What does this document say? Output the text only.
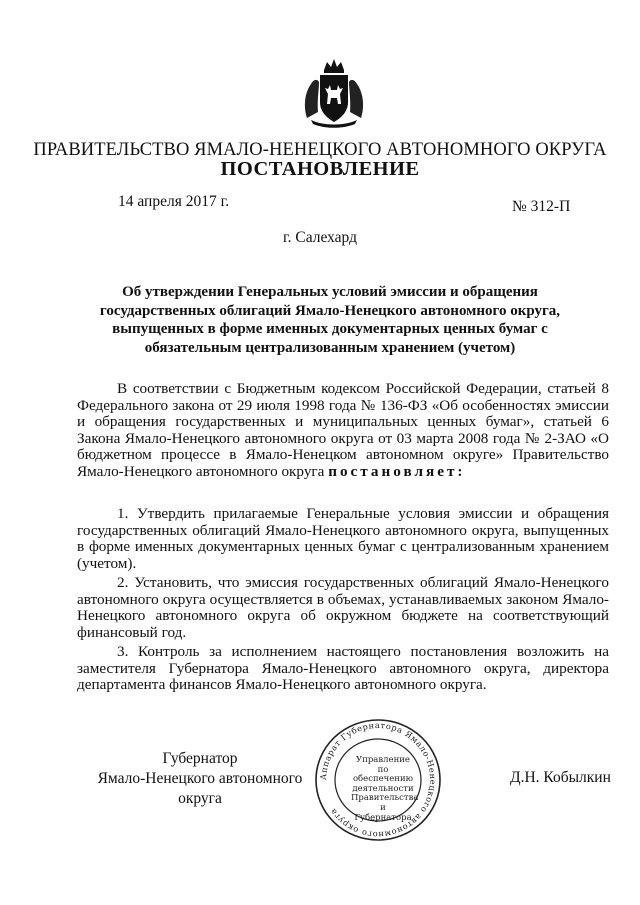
ПРАВИТЕЛЬСТВО ЯМАЛО-НЕНЕЦКОГО АВТОНОМНОГО ОКРУГА
ПОСТАНОВЛЕНИЕ
14 апреля 2017 г.	№ 312-П
г. Салехард
Об утверждении Генеральных условий эмиссии и обращения
государственных облигаций Ямало-Ненецкого автономного округа,
выпущенных в форме именных документарных ценных бумаг с
обязательным централизованным хранением (учетом)

В соответствии с Бюджетным кодексом Российской Федерации, статьей 8 Федерального закона от 29 июля 1998 года № 136-ФЗ «Об особенностях эмиссии и обращения государственных и муниципальных ценных бумаг», статьей 6 Закона Ямало-Ненецкого автономного округа от 03 марта 2008 года № 2-ЗАО «О бюджетном процессе в Ямало-Ненецком автономном округе» Правительство Ямало-Ненецкого автономного округа постановляет:

1. Утвердить прилагаемые Генеральные условия эмиссии и обращения государственных облигаций Ямало-Ненецкого автономного округа, выпущенных в форме именных документарных ценных бумаг с централизованным хранением (учетом).

2. Установить, что эмиссия государственных облигаций Ямало-Ненецкого автономного округа осуществляется в объемах, устанавливаемых законом Ямало-Ненецкого автономного округа об окружном бюджете на соответствующий финансовый год.

3. Контроль за исполнением настоящего постановления возложить на заместителя Губернатора Ямало-Ненецкого автономного округа, директора департамента финансов Ямало-Ненецкого автономного округа.

Губернатор
Ямало-Ненецкого автономного округа
Аппарат Губернатора Ямало-Ненецкого автономного округа
Управление по
обеспечению
деятельности
Правительства
и Губернатора
Д.Н. Кобылкин
